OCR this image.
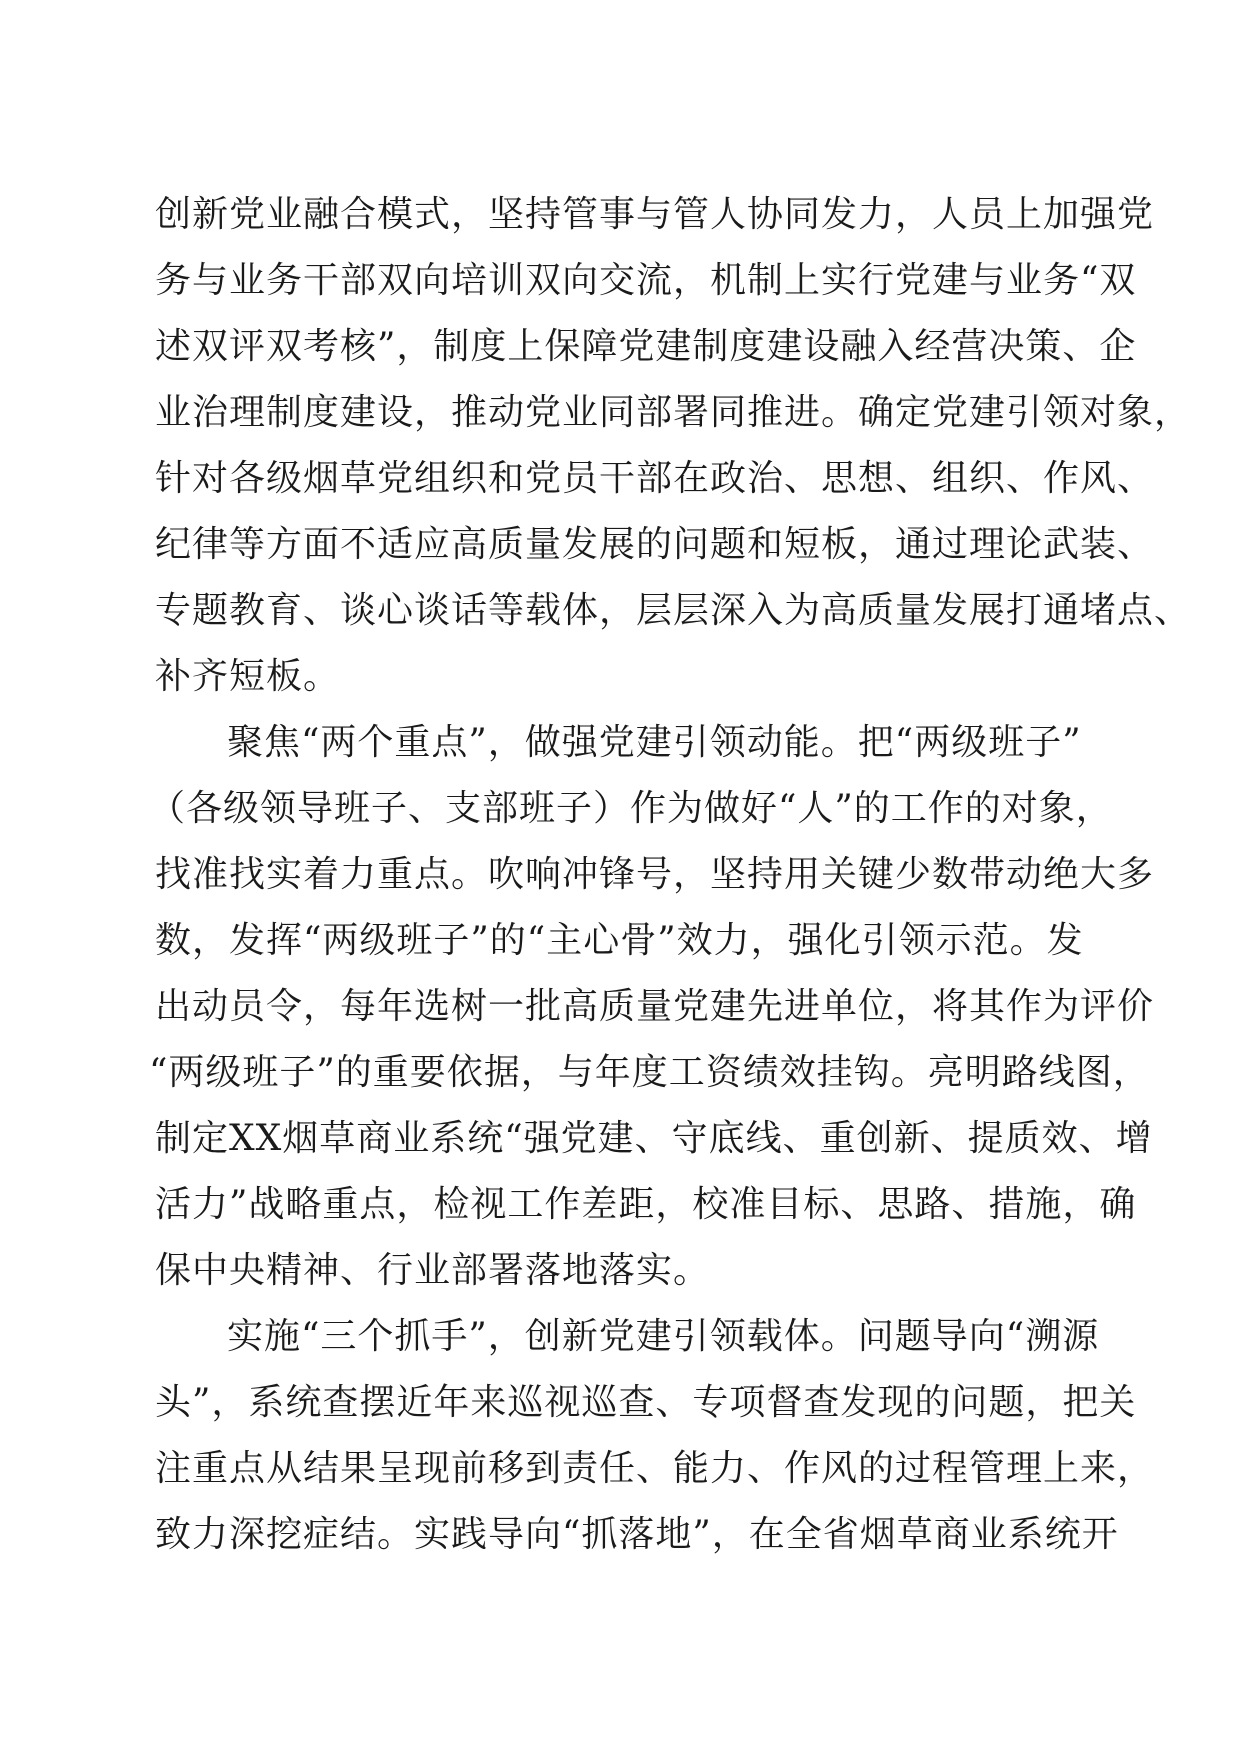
创新党业融合模式，坚持管事与管人协同发力，人员上加强党
务与业务干部双向培训双向交流，机制上实行党建与业务“双
述双评双考核”，制度上保障党建制度建设融入经营决策、企
业治理制度建设，推动党业同部署同推进。确定党建引领对象，
针对各级烟草党组织和党员干部在政治、思想、组织、作风、
纪律等方面不适应高质量发展的问题和短板，通过理论武装、
专题教育、谈心谈话等载体，层层深入为高质量发展打通堵点、
补齐短板。
聚焦“两个重点”，做强党建引领动能。把“两级班子”
（各级领导班子、支部班子）作为做好“人”的工作的对象，
找准找实着力重点。吹响冲锋号，坚持用关键少数带动绝大多
数，发挥“两级班子”的“主心骨”效力，强化引领示范。发
出动员令，每年选树一批高质量党建先进单位，将其作为评价
“两级班子”的重要依据，与年度工资绩效挂钩。亮明路线图，
制定XX烟草商业系统“强党建、守底线、重创新、提质效、增
活力”战略重点，检视工作差距，校准目标、思路、措施，确
保中央精神、行业部署落地落实。
实施“三个抓手”，创新党建引领载体。问题导向“溯源
头”，系统查摆近年来巡视巡查、专项督查发现的问题，把关
注重点从结果呈现前移到责任、能力、作风的过程管理上来，
致力深挖症结。实践导向“抓落地”，在全省烟草商业系统开
